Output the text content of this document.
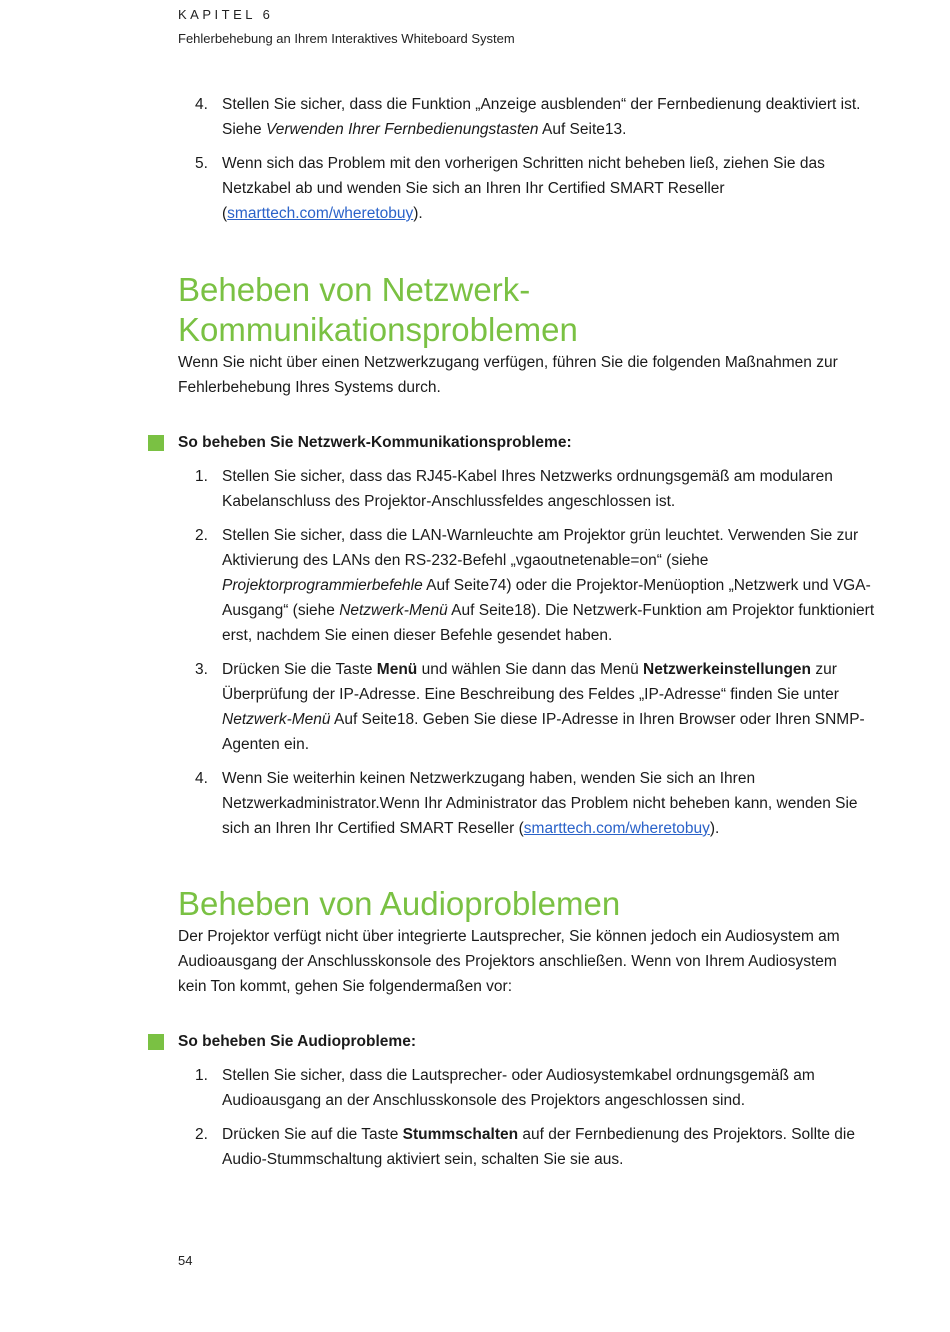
KAPITEL 6
Fehlerbehebung an Ihrem Interaktives Whiteboard System
4. Stellen Sie sicher, dass die Funktion „Anzeige ausblenden“ der Fernbedienung deaktiviert ist. Siehe Verwenden Ihrer Fernbedienungstasten Auf Seite13.
5. Wenn sich das Problem mit den vorherigen Schritten nicht beheben ließ, ziehen Sie das Netzkabel ab und wenden Sie sich an Ihren Ihr Certified SMART Reseller (smarttech.com/wheretobuy).
Beheben von Netzwerk-
Kommunikationsproblemen
Wenn Sie nicht über einen Netzwerkzugang verfügen, führen Sie die folgenden Maßnahmen zur Fehlerbehebung Ihres Systems durch.
So beheben Sie Netzwerk-Kommunikationsprobleme:
1. Stellen Sie sicher, dass das RJ45-Kabel Ihres Netzwerks ordnungsgemäß am modularen Kabelanschluss des Projektor-Anschlussfeldes angeschlossen ist.
2. Stellen Sie sicher, dass die LAN-Warnleuchte am Projektor grün leuchtet. Verwenden Sie zur Aktivierung des LANs den RS-232-Befehl „vgaoutnetenable=on“ (siehe Projektorprogrammierbefehle Auf Seite74) oder die Projektor-Menüoption „Netzwerk und VGA-Ausgang“ (siehe Netzwerk-Menü Auf Seite18). Die Netzwerk-Funktion am Projektor funktioniert erst, nachdem Sie einen dieser Befehle gesendet haben.
3. Drücken Sie die Taste Menü und wählen Sie dann das Menü Netzwerkeinstellungen zur Überprüfung der IP-Adresse. Eine Beschreibung des Feldes „IP-Adresse“ finden Sie unter Netzwerk-Menü Auf Seite18. Geben Sie diese IP-Adresse in Ihren Browser oder Ihren SNMP-Agenten ein.
4. Wenn Sie weiterhin keinen Netzwerkzugang haben, wenden Sie sich an Ihren Netzwerkadministrator.Wenn Ihr Administrator das Problem nicht beheben kann, wenden Sie sich an Ihren Ihr Certified SMART Reseller (smarttech.com/wheretobuy).
Beheben von Audioproblemen
Der Projektor verfügt nicht über integrierte Lautsprecher, Sie können jedoch ein Audiosystem am Audioausgang der Anschlusskonsole des Projektors anschließen. Wenn von Ihrem Audiosystem kein Ton kommt, gehen Sie folgendermaßen vor:
So beheben Sie Audioprobleme:
1. Stellen Sie sicher, dass die Lautsprecher- oder Audiosystemkabel ordnungsgemäß am Audioausgang an der Anschlusskonsole des Projektors angeschlossen sind.
2. Drücken Sie auf die Taste Stummschalten auf der Fernbedienung des Projektors. Sollte die Audio-Stummschaltung aktiviert sein, schalten Sie sie aus.
54
